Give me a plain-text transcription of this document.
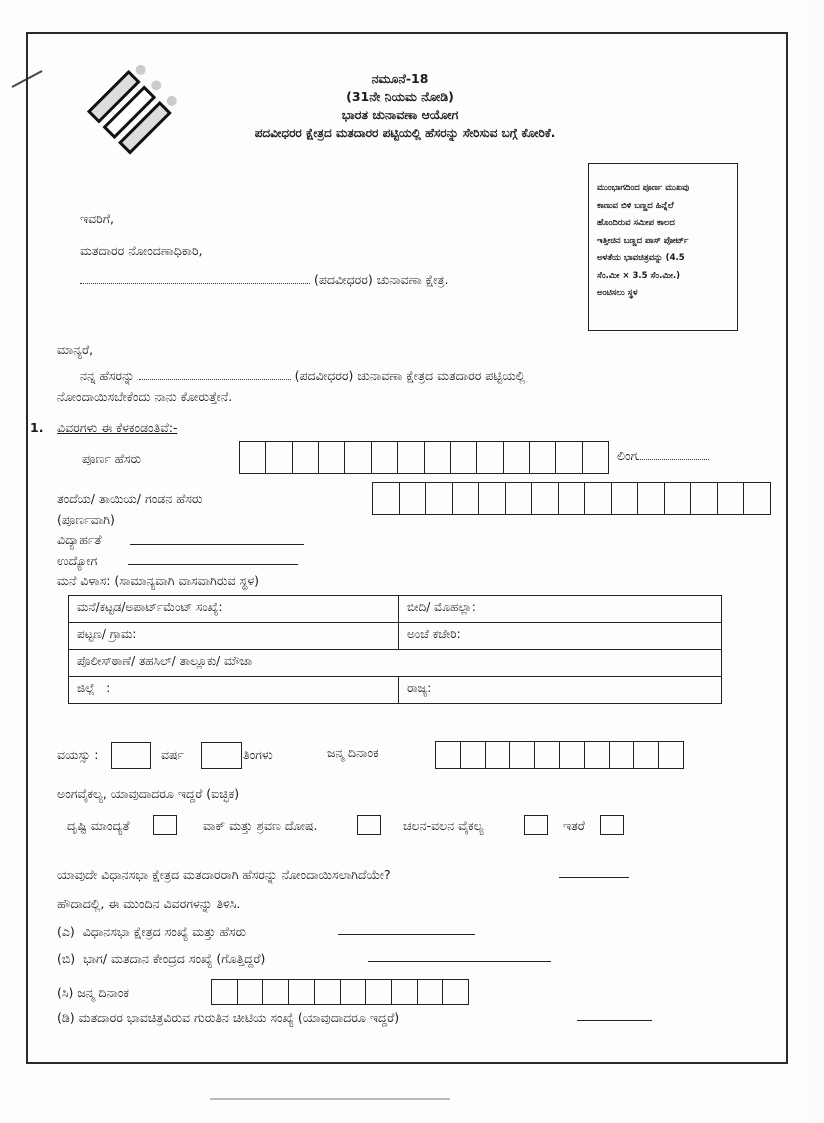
ನಮೂನೆ-18
(31ನೇ ನಿಯಮ ನೋಡಿ)
ಭಾರತ ಚುನಾವಣಾ ಆಯೋಗ
ಪದವೀಧರರ ಕ್ಷೇತ್ರದ ಮತದಾರರ ಪಟ್ಟಿಯಲ್ಲಿ ಹೆಸರನ್ನು ಸೇರಿಸುವ ಬಗ್ಗೆ ಕೋರಿಕೆ.
ಮುಂಭಾಗದಿಂದ ಪೂರ್ಣ ಮುಖವು
ಕಾಣುವ ಬಿಳಿ ಬಣ್ಣದ ಹಿನ್ನೆಲೆ
ಹೊಂದಿರುವ ಸಮೀಪ ಕಾಲದ
ಇತ್ತೀಚಿನ ಬಣ್ಣದ ಪಾಸ್ ಪೋರ್ಟ್
ಅಳತೆಯ ಭಾವಚಿತ್ರವನ್ನು (4.5
ಸೆಂ.ಮೀ × 3.5 ಸೆಂ.ಮೀ.)
ಅಂಟಿಸಲು ಸ್ಥಳ
ಇವರಿಗೆ,
ಮತದಾರರ ನೋಂದಣಾಧಿಕಾರಿ,
(ಪದವೀಧರರ) ಚುನಾವಣಾ ಕ್ಷೇತ್ರ.
ಮಾನ್ಯರೆ,
ನನ್ನ ಹೆಸರನ್ನು	(ಪದವೀಧರರ) ಚುನಾವಣಾ ಕ್ಷೇತ್ರದ ಮತದಾರರ ಪಟ್ಟಿಯಲ್ಲಿ
ನೋಂದಾಯಿಸಬೇಕೆಂದು ನಾನು ಕೋರುತ್ತೇನೆ.
1. ವಿವರಗಳು ಈ ಕೆಳಕಂಡಂತಿವೆ:-
ಪೂರ್ಣ ಹೆಸರು	ಲಿಂಗ
ತಂದೆಯ/ ತಾಯಿಯ/ ಗಂಡನ ಹೆಸರು
(ಪೂರ್ಣವಾಗಿ)
ವಿದ್ಯಾರ್ಹತೆ
ಉದ್ಯೋಗ
ಮನೆ ವಿಳಾಸ: (ಸಾಮಾನ್ಯವಾಗಿ ವಾಸವಾಗಿರುವ ಸ್ಥಳ)
ಮನೆ/ಕಟ್ಟಡ/ಅಪಾರ್ಟ್‌ಮೆಂಟ್ ಸಂಖ್ಯೆ:	ಬೀದಿ/ ಮೊಹಲ್ಲಾ:
ಪಟ್ಟಣ/ ಗ್ರಾಮ:	ಅಂಚೆ ಕಚೇರಿ:
ಪೊಲೀಸ್‌ಠಾಣೆ/ ತಹಸಿಲ್/ ತಾಲ್ಲೂಕು/ ಮೌಜಾ	
ಜಿಲ್ಲೆ   :	ರಾಜ್ಯ:
ವಯಸ್ಸು :	ವರ್ಷ	ತಿಂಗಳು	ಜನ್ಮ ದಿನಾಂಕ
ಅಂಗವೈಕಲ್ಯ, ಯಾವುದಾದರೂ ಇದ್ದರೆ (ಐಚ್ಛಿಕ)
ದೃಷ್ಟಿ ಮಾಂದ್ಯತೆ	ವಾಕ್ ಮತ್ತು ಶ್ರವಣ ದೋಷ.	ಚಲನ-ವಲನ ವೈಕಲ್ಯ	ಇತರೆ
ಯಾವುದೇ ವಿಧಾನಸಭಾ ಕ್ಷೇತ್ರದ ಮತದಾರರಾಗಿ ಹೆಸರನ್ನು ನೋಂದಾಯಿಸಲಾಗಿದೆಯೇ?
ಹೌದಾದಲ್ಲಿ, ಈ ಮುಂದಿನ ವಿವರಗಳನ್ನು ತಿಳಿಸಿ.
(ಎ)  ವಿಧಾನಸಭಾ ಕ್ಷೇತ್ರದ ಸಂಖ್ಯೆ ಮತ್ತು ಹೆಸರು
(ಬಿ)  ಭಾಗ/ ಮತದಾನ ಕೇಂದ್ರದ ಸಂಖ್ಯೆ (ಗೊತ್ತಿದ್ದರೆ)
(ಸಿ) ಜನ್ಮ ದಿನಾಂಕ
(ಡಿ) ಮತದಾರರ ಭಾವಚಿತ್ರವಿರುವ ಗುರುತಿನ ಚೀಟಿಯ ಸಂಖ್ಯೆ (ಯಾವುದಾದರೂ ಇದ್ದರೆ)
